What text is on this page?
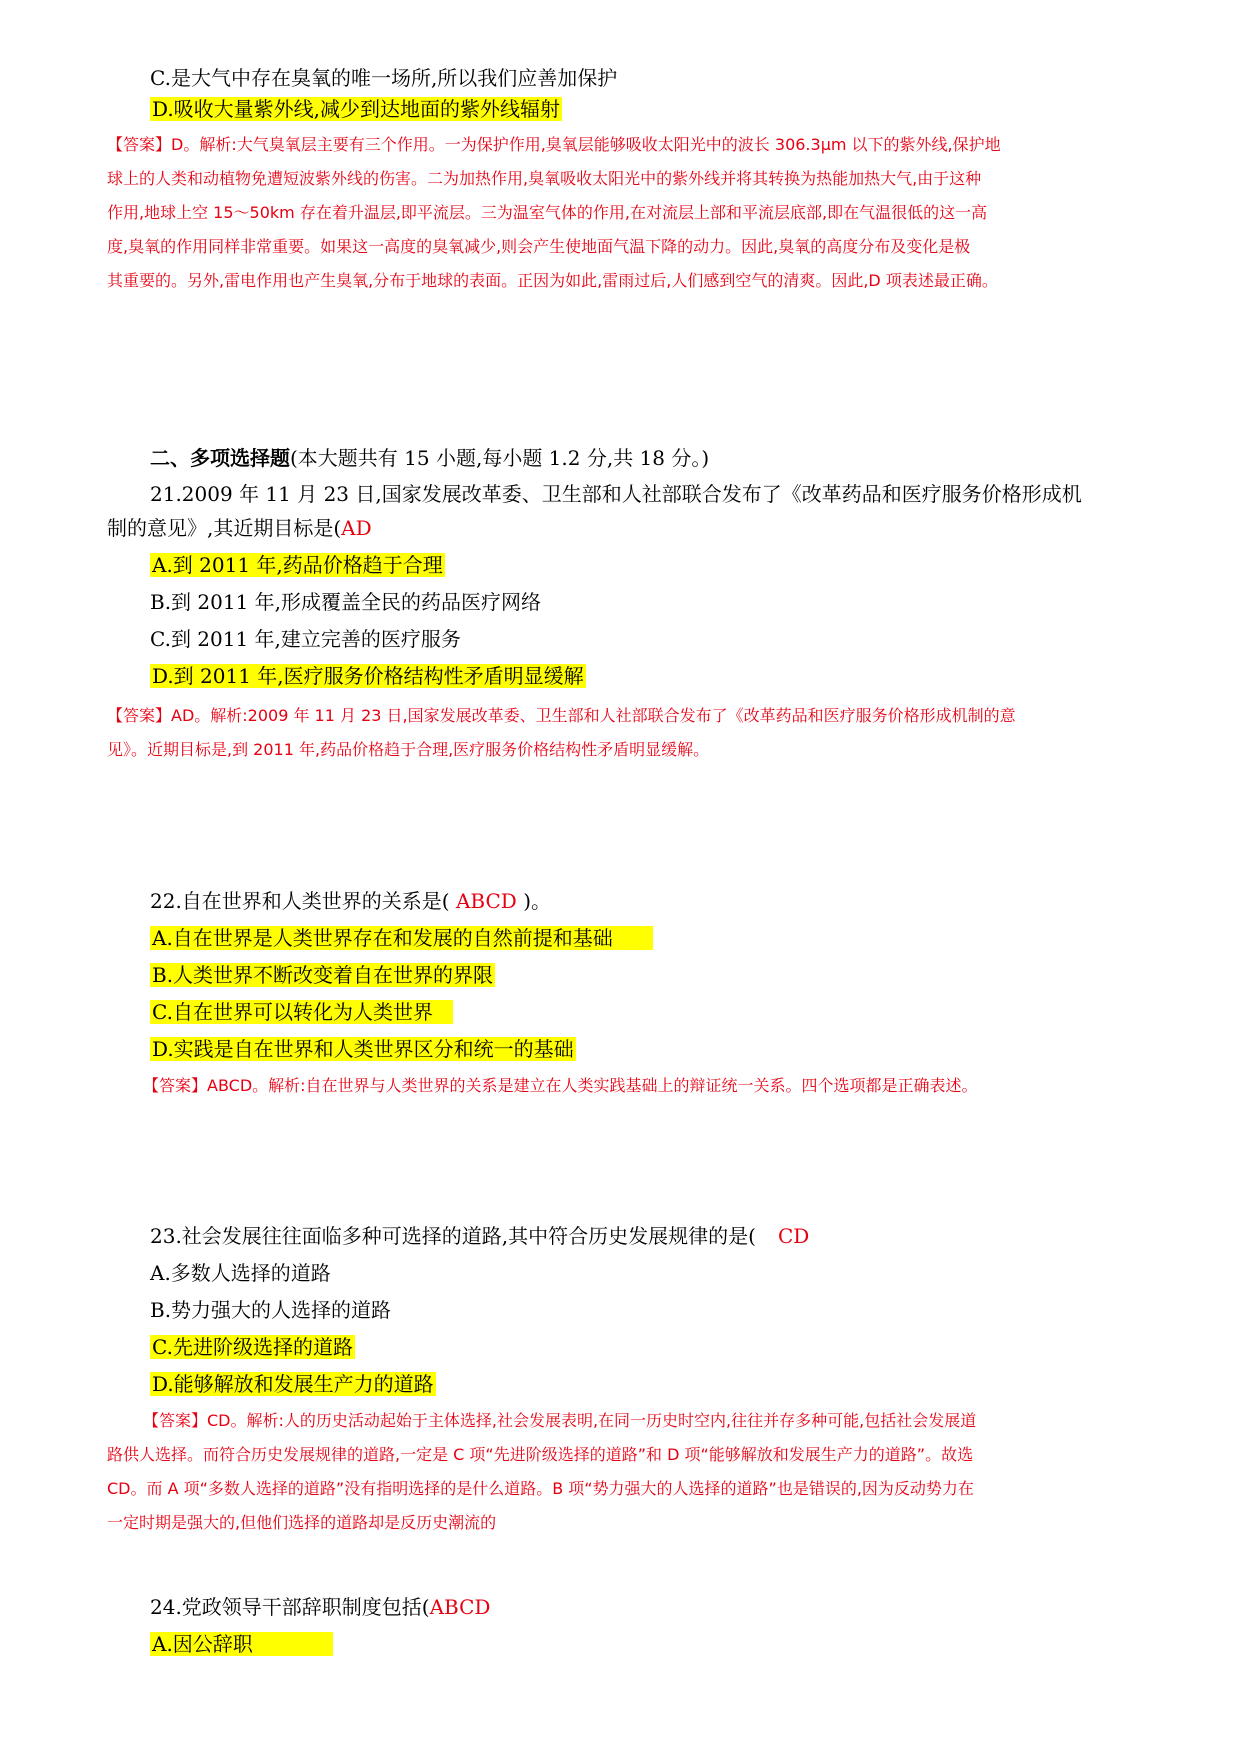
C.是大气中存在臭氧的唯一场所,所以我们应善加保护
D.吸收大量紫外线,减少到达地面的紫外线辐射
【答案】D。解析:大气臭氧层主要有三个作用。一为保护作用,臭氧层能够吸收太阳光中的波长 306.3μm 以下的紫外线,保护地
球上的人类和动植物免遭短波紫外线的伤害。二为加热作用,臭氧吸收太阳光中的紫外线并将其转换为热能加热大气,由于这种
作用,地球上空 15～50km 存在着升温层,即平流层。三为温室气体的作用,在对流层上部和平流层底部,即在气温很低的这一高
度,臭氧的作用同样非常重要。如果这一高度的臭氧减少,则会产生使地面气温下降的动力。因此,臭氧的高度分布及变化是极
其重要的。另外,雷电作用也产生臭氧,分布于地球的表面。正因为如此,雷雨过后,人们感到空气的清爽。因此,D 项表述最正确。
二、多项选择题(本大题共有 15 小题,每小题 1.2 分,共 18 分。)
21.2009 年 11 月 23 日,国家发展改革委、卫生部和人社部联合发布了《改革药品和医疗服务价格形成机
制的意见》,其近期目标是(AD
A.到 2011 年,药品价格趋于合理
B.到 2011 年,形成覆盖全民的药品医疗网络
C.到 2011 年,建立完善的医疗服务
D.到 2011 年,医疗服务价格结构性矛盾明显缓解
【答案】AD。解析:2009 年 11 月 23 日,国家发展改革委、卫生部和人社部联合发布了《改革药品和医疗服务价格形成机制的意
见》。近期目标是,到 2011 年,药品价格趋于合理,医疗服务价格结构性矛盾明显缓解。
22.自在世界和人类世界的关系是( ABCD )。
A.自在世界是人类世界存在和发展的自然前提和基础
B.人类世界不断改变着自在世界的界限
C.自在世界可以转化为人类世界
D.实践是自在世界和人类世界区分和统一的基础
【答案】ABCD。解析:自在世界与人类世界的关系是建立在人类实践基础上的辩证统一关系。四个选项都是正确表述。
23.社会发展往往面临多种可选择的道路,其中符合历史发展规律的是( CD
A.多数人选择的道路
B.势力强大的人选择的道路
C.先进阶级选择的道路
D.能够解放和发展生产力的道路
【答案】CD。解析:人的历史活动起始于主体选择,社会发展表明,在同一历史时空内,往往并存多种可能,包括社会发展道
路供人选择。而符合历史发展规律的道路,一定是 C 项“先进阶级选择的道路”和 D 项“能够解放和发展生产力的道路”。故选
CD。而 A 项“多数人选择的道路”没有指明选择的是什么道路。B 项“势力强大的人选择的道路”也是错误的,因为反动势力在
一定时期是强大的,但他们选择的道路却是反历史潮流的
24.党政领导干部辞职制度包括(ABCD
A.因公辞职
